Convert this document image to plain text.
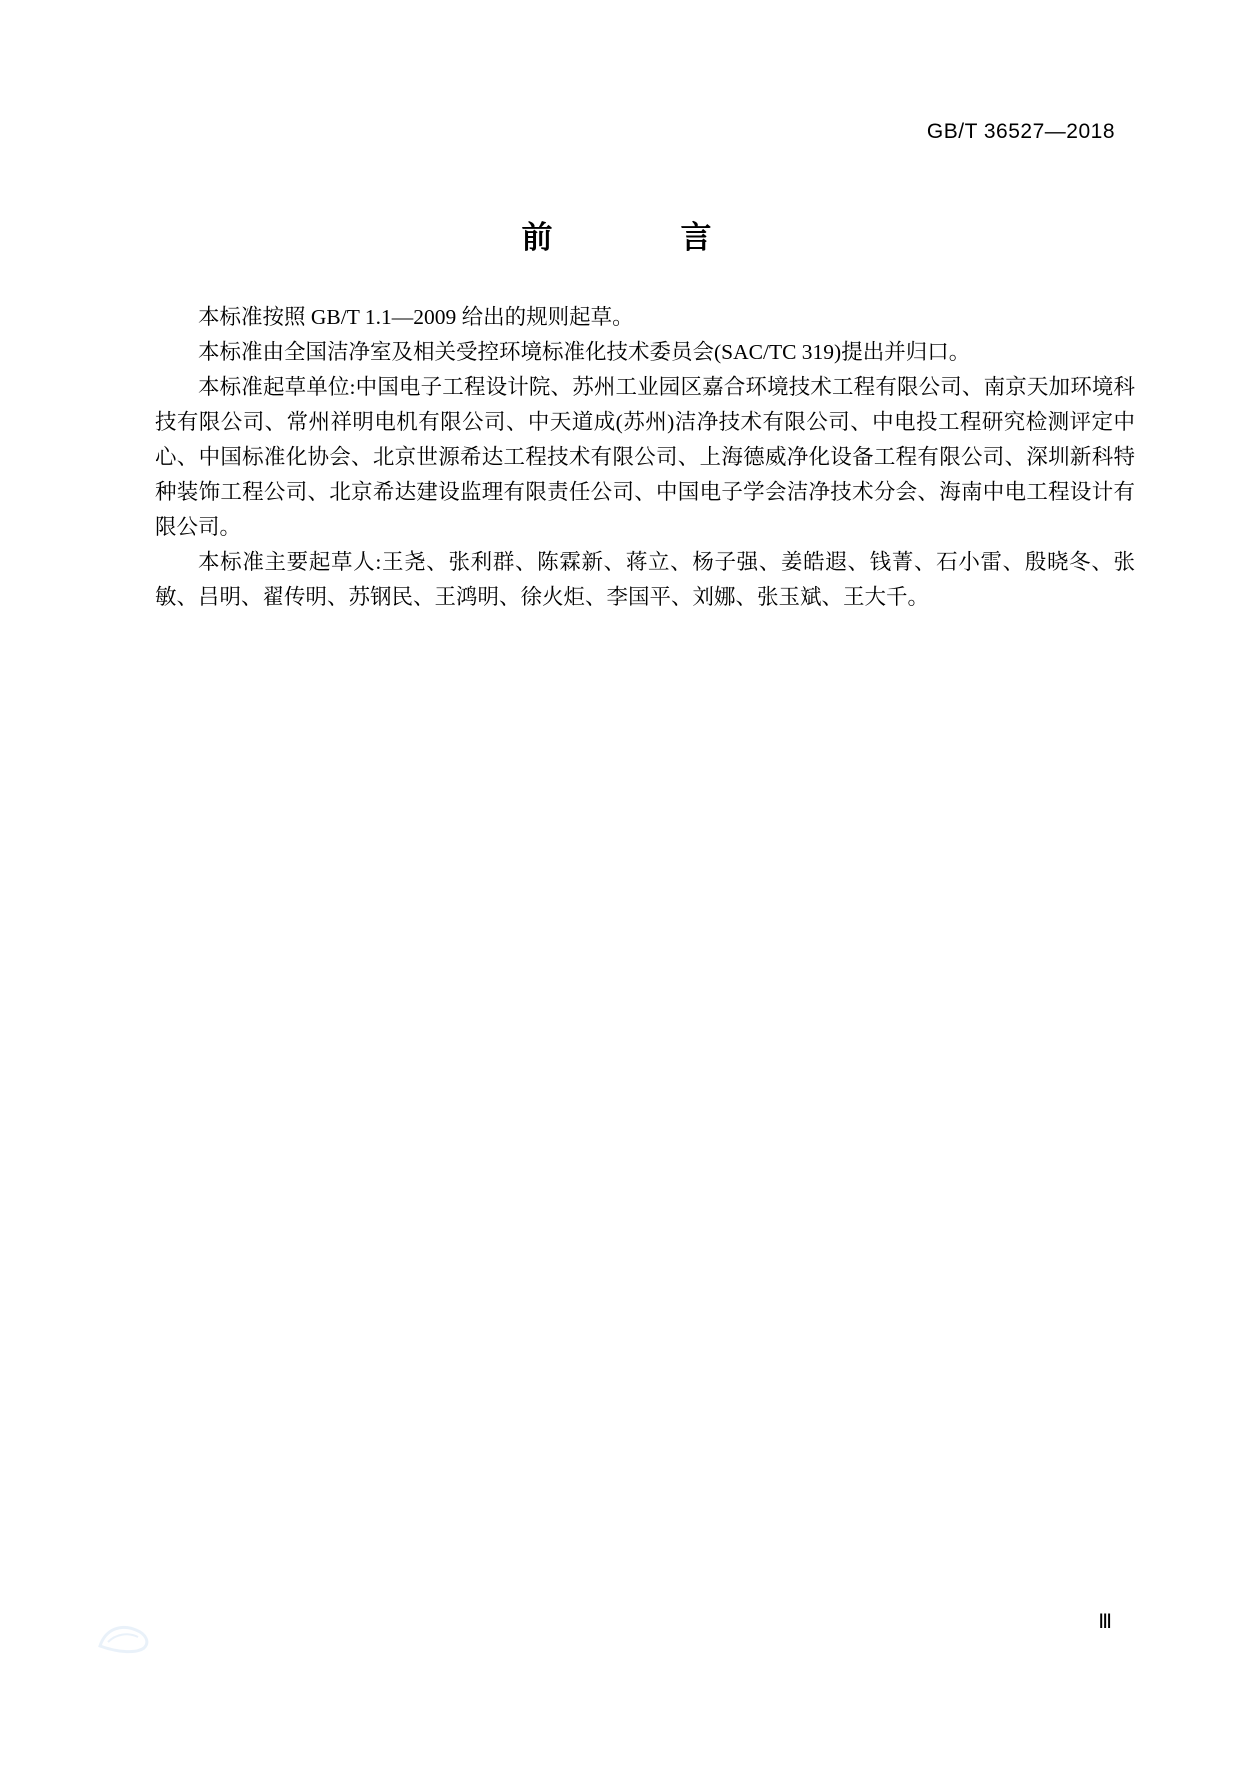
GB/T 36527—2018
前　　言

本标准按照 GB/T 1.1—2009 给出的规则起草。

本标准由全国洁净室及相关受控环境标准化技术委员会(SAC/TC 319)提出并归口。

本标准起草单位:中国电子工程设计院、苏州工业园区嘉合环境技术工程有限公司、南京天加环境科技有限公司、常州祥明电机有限公司、中天道成(苏州)洁净技术有限公司、中电投工程研究检测评定中心、中国标准化协会、北京世源希达工程技术有限公司、上海德威净化设备工程有限公司、深圳新科特种装饰工程公司、北京希达建设监理有限责任公司、中国电子学会洁净技术分会、海南中电工程设计有限公司。

本标准主要起草人:王尧、张利群、陈霖新、蒋立、杨子强、姜皓遐、钱菁、石小雷、殷晓冬、张敏、吕明、翟传明、苏钢民、王鸿明、徐火炬、李国平、刘娜、张玉斌、王大千。

Ⅲ
